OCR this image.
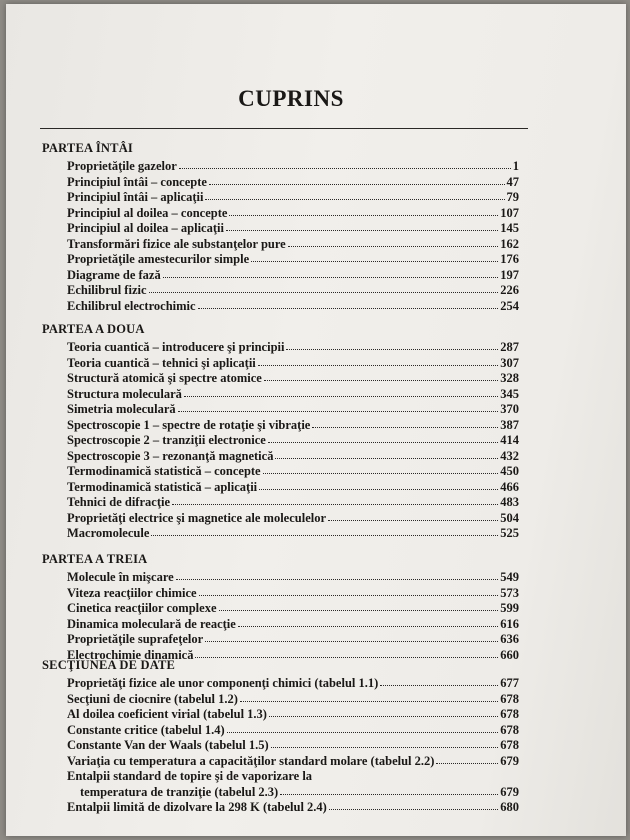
CUPRINS
PARTEA ÎNTÂI
Proprietăţile gazelor	1
Principiul întâi – concepte	47
Principiul întâi – aplicaţii	79
Principiul al doilea – concepte	107
Principiul al doilea – aplicaţii	145
Transformări fizice ale substanţelor pure	162
Proprietăţile amestecurilor simple	176
Diagrame de fază	197
Echilibrul fizic	226
Echilibrul electrochimic	254
PARTEA A DOUA
Teoria cuantică – introducere şi principii	287
Teoria cuantică – tehnici şi aplicaţii	307
Structură atomică şi spectre atomice	328
Structura moleculară	345
Simetria moleculară	370
Spectroscopie 1 – spectre de rotaţie şi vibraţie	387
Spectroscopie 2 – tranziţii electronice	414
Spectroscopie 3 – rezonanţă magnetică	432
Termodinamică statistică – concepte	450
Termodinamică statistică – aplicaţii	466
Tehnici de difracţie	483
Proprietăţi electrice şi magnetice ale moleculelor	504
Macromolecule	525
PARTEA A TREIA
Molecule în mişcare	549
Viteza reacţiilor chimice	573
Cinetica reacţiilor complexe	599
Dinamica moleculară de reacţie	616
Proprietăţile suprafeţelor	636
Electrochimie dinamică	660
SECŢIUNEA DE DATE
Proprietăţi fizice ale unor componenţi chimici (tabelul 1.1)	677
Secţiuni de ciocnire (tabelul 1.2)	678
Al doilea coeficient virial (tabelul 1.3)	678
Constante critice (tabelul 1.4)	678
Constante Van der Waals (tabelul 1.5)	678
Variaţia cu temperatura a capacităţilor standard molare (tabelul 2.2)	679
Entalpii standard de topire şi de vaporizare la
temperatura de tranziţie (tabelul 2.3)	679
Entalpii limită de dizolvare la 298 K (tabelul 2.4)	680
